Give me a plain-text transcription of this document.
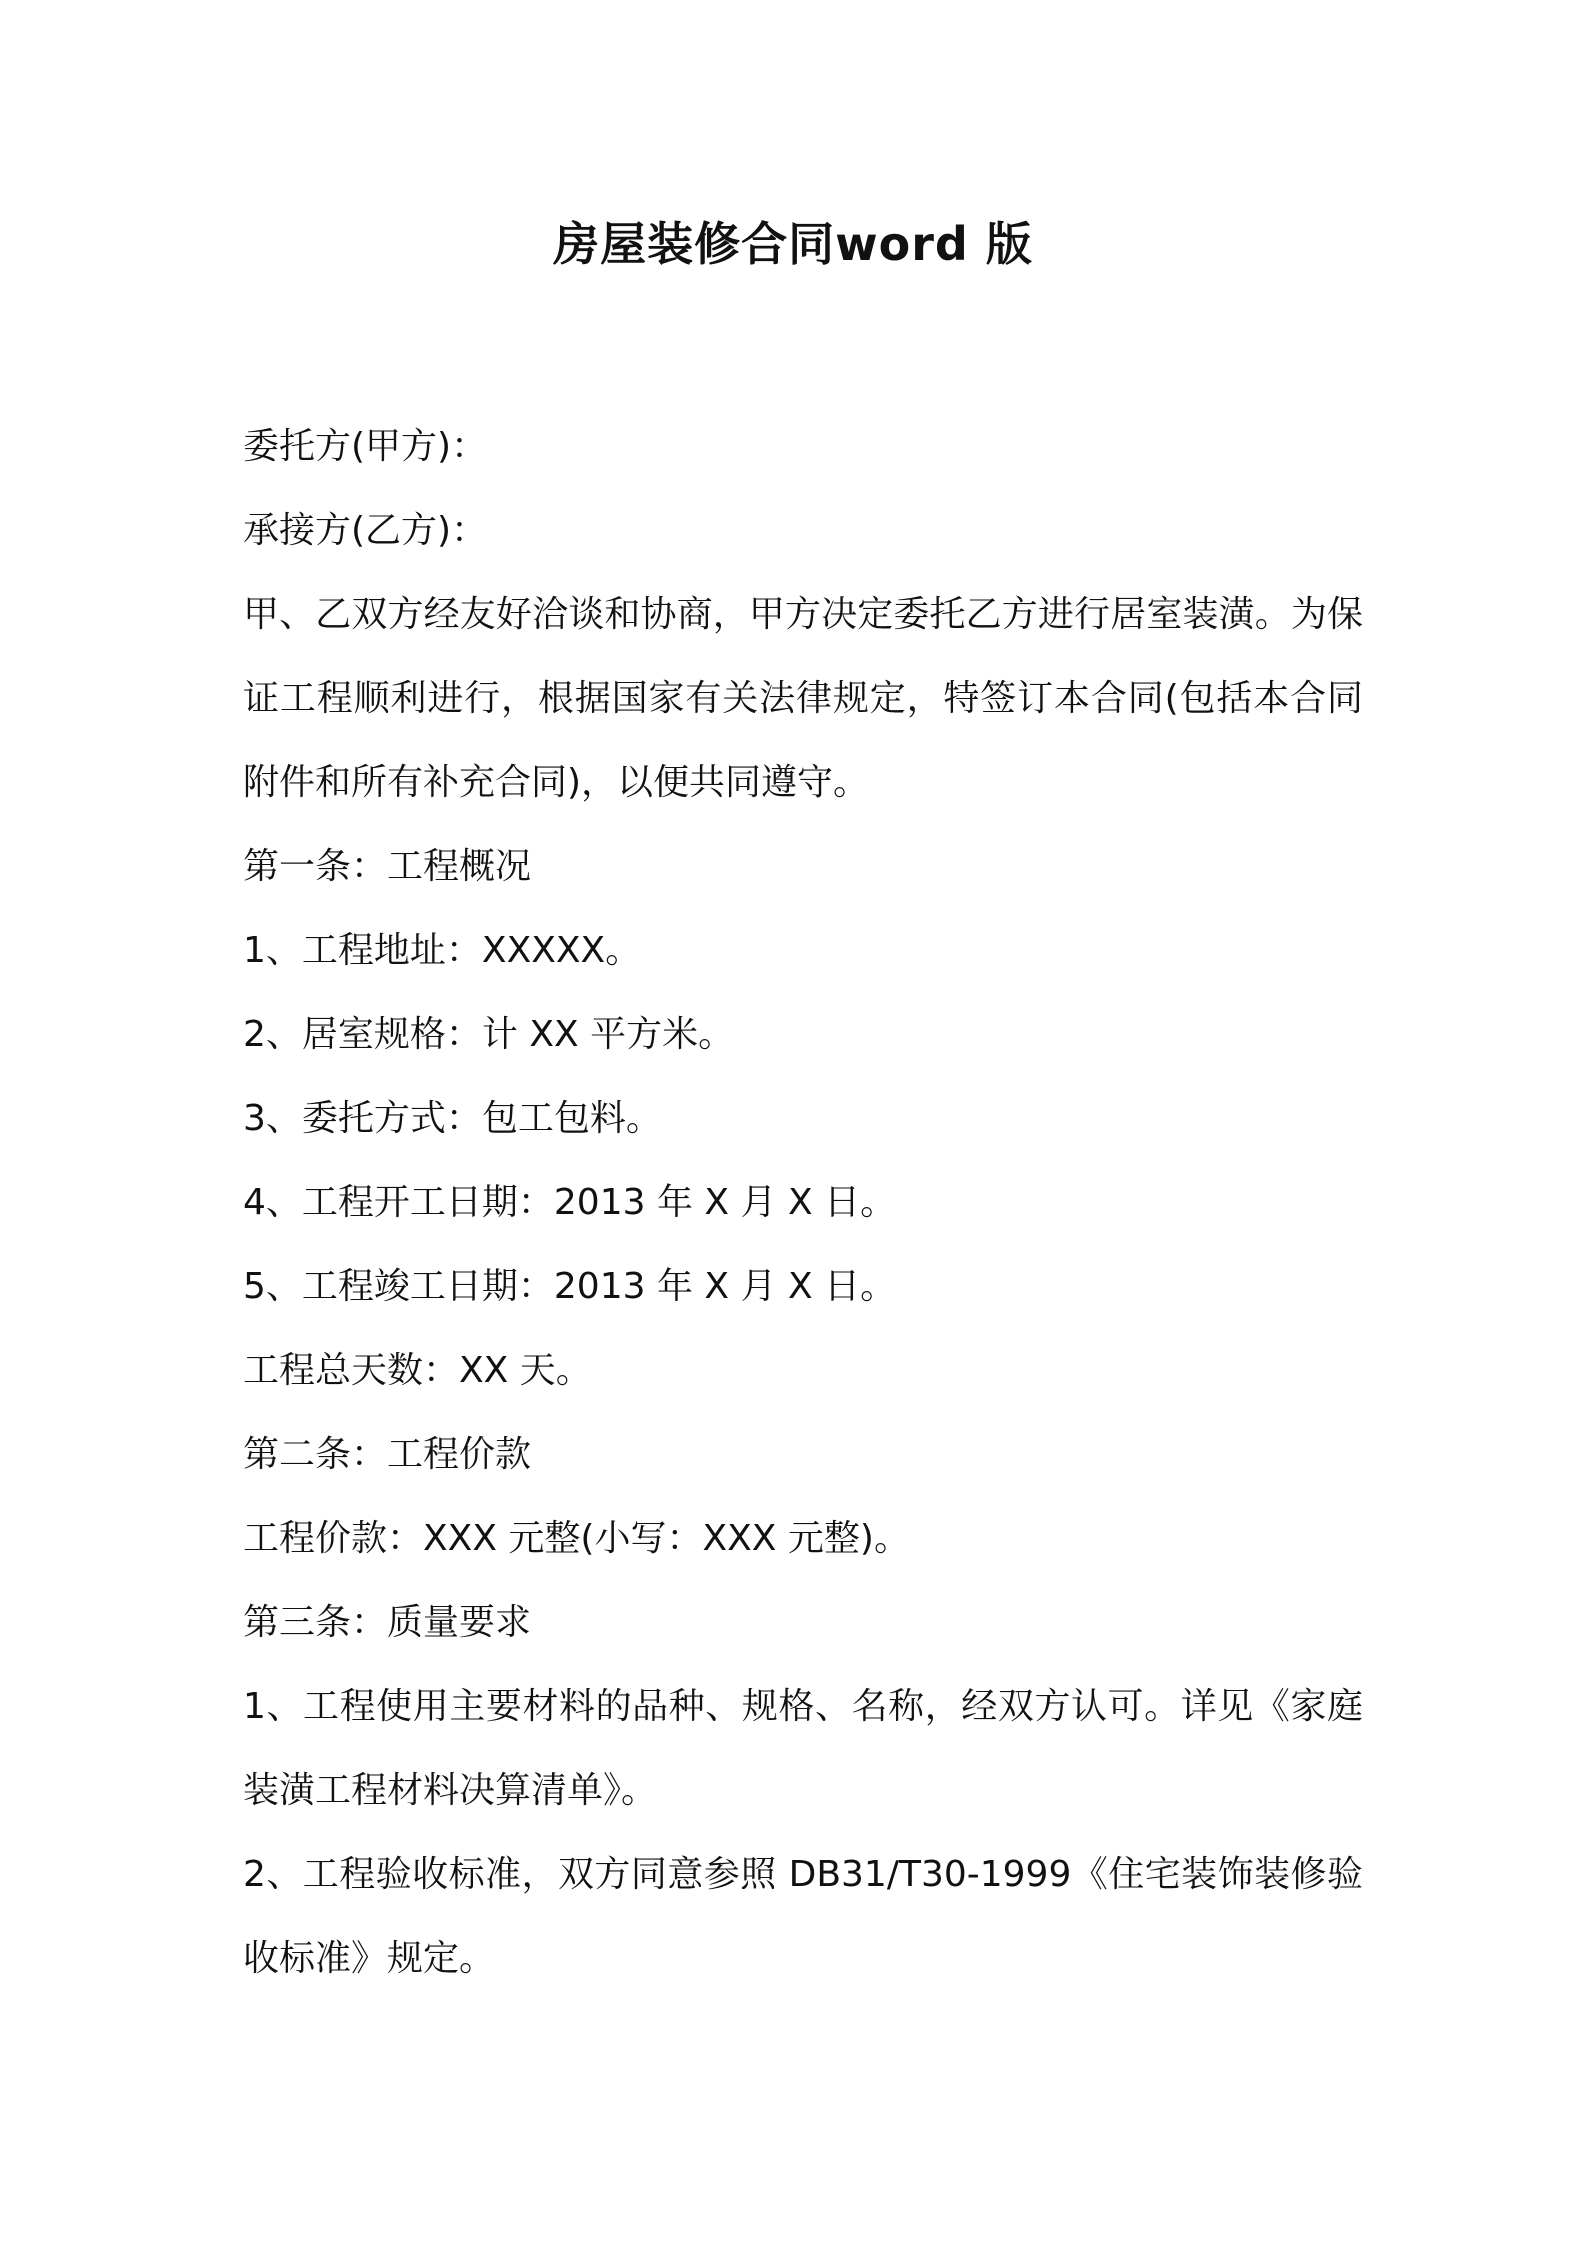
房屋装修合同word 版

委托方(甲方)：

承接方(乙方)：

甲、乙双方经友好洽谈和协商，甲方决定委托乙方进行居室装潢。为保证工程顺利进行，根据国家有关法律规定，特签订本合同(包括本合同附件和所有补充合同)，以便共同遵守。

第一条：工程概况

1、工程地址：XXXXX。

2、居室规格：计 XX 平方米。

3、委托方式：包工包料。

4、工程开工日期：2013 年 X 月 X 日。

5、工程竣工日期：2013 年 X 月 X 日。

工程总天数：XX 天。

第二条：工程价款

工程价款：XXX 元整(小写：XXX 元整)。

第三条：质量要求

1、工程使用主要材料的品种、规格、名称，经双方认可。详见《家庭装潢工程材料决算清单》。

2、工程验收标准，双方同意参照 DB31/T30-1999《住宅装饰装修验收标准》规定。
